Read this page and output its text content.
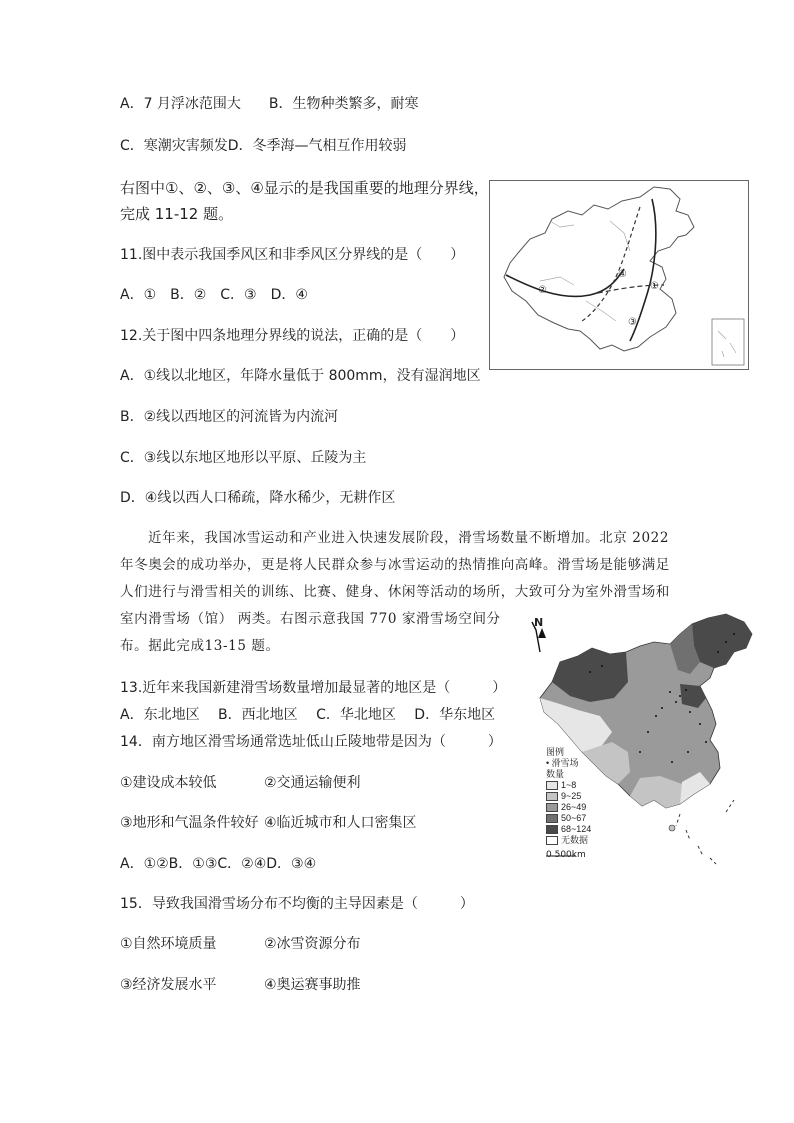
A．7 月浮冰范围大　　B．生物种类繁多，耐寒
C．寒潮灾害频发D．冬季海—气相互作用较弱
右图中①、②、③、④显示的是我国重要的地理分界线，
完成 11-12 题。
11.图中表示我国季风区和非季风区分界线的是（　　）
A．①　B．②　C．③　D．④
12.关于图中四条地理分界线的说法，正确的是（　　）
A．①线以北地区，年降水量低于 800mm，没有湿润地区
B．②线以西地区的河流皆为内流河
C．③线以东地区地形以平原、丘陵为主
D．④线以西人口稀疏，降水稀少，无耕作区
②
④
①
③
近年来，我国冰雪运动和产业进入快速发展阶段，滑雪场数量不断增加。北京 2022
年冬奥会的成功举办，更是将人民群众参与冰雪运动的热情推向高峰。滑雪场是能够满足
人们进行与滑雪相关的训练、比赛、健身、休闲等活动的场所，大致可分为室外滑雪场和
室内滑雪场（馆） 两类。右图示意我国 770 家滑雪场空间分
布。据此完成13-15 题。
13.近年来我国新建滑雪场数量增加最显著的地区是（　　　）
A．东北地区　 B．西北地区　 C．华北地区　 D．华东地区
14．南方地区滑雪场通常选址低山丘陵地带是因为（　　　）
①建设成本较低	②交通运输便利
③地形和气温条件较好 ④临近城市和人口密集区
A．①②B．①③C．②④D．③④
15．导致我国滑雪场分布不均衡的主导因素是（　　　）
①自然环境质量	②冰雪资源分布
③经济发展水平	④奥运赛事助推
图例
• 滑雪场
数量
1~8
9~25
26~49
50~67
68~124
无数据
N
0 500km
